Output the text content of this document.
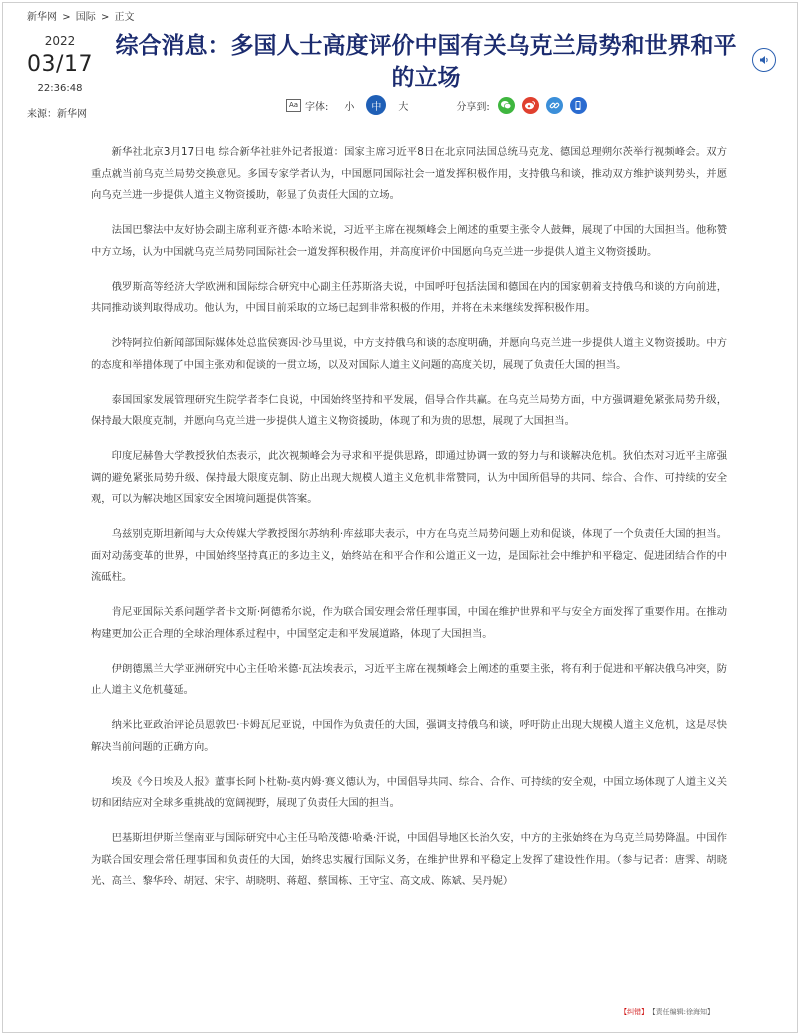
新华网 > 国际 > 正文
2022
03/17
22:36:48
来源：新华网
综合消息：多国人士高度评价中国有关乌克兰局势和世界和平的立场
Aa 字体: 小	中	大	分享到:

新华社北京3月17日电 综合新华社驻外记者报道：国家主席习近平8日在北京同法国总统马克龙、德国总理朔尔茨举行视频峰会。双方重点就当前乌克兰局势交换意见。多国专家学者认为，中国愿同国际社会一道发挥积极作用，支持俄乌和谈，推动双方维护谈判势头，并愿向乌克兰进一步提供人道主义物资援助，彰显了负责任大国的立场。

法国巴黎法中友好协会副主席利亚齐德·本哈米说，习近平主席在视频峰会上阐述的重要主张令人鼓舞，展现了中国的大国担当。他称赞中方立场，认为中国就乌克兰局势同国际社会一道发挥积极作用，并高度评价中国愿向乌克兰进一步提供人道主义物资援助。

俄罗斯高等经济大学欧洲和国际综合研究中心副主任苏斯洛夫说，中国呼吁包括法国和德国在内的国家朝着支持俄乌和谈的方向前进，共同推动谈判取得成功。他认为，中国目前采取的立场已起到非常积极的作用，并将在未来继续发挥积极作用。

沙特阿拉伯新闻部国际媒体处总监侯赛因·沙马里说，中方支持俄乌和谈的态度明确，并愿向乌克兰进一步提供人道主义物资援助。中方的态度和举措体现了中国主张劝和促谈的一贯立场，以及对国际人道主义问题的高度关切，展现了负责任大国的担当。

泰国国家发展管理研究生院学者李仁良说，中国始终坚持和平发展，倡导合作共赢。在乌克兰局势方面，中方强调避免紧张局势升级，保持最大限度克制，并愿向乌克兰进一步提供人道主义物资援助，体现了和为贵的思想，展现了大国担当。

印度尼赫鲁大学教授狄伯杰表示，此次视频峰会为寻求和平提供思路，即通过协调一致的努力与和谈解决危机。狄伯杰对习近平主席强调的避免紧张局势升级、保持最大限度克制、防止出现大规模人道主义危机非常赞同，认为中国所倡导的共同、综合、合作、可持续的安全观，可以为解决地区国家安全困境问题提供答案。

乌兹别克斯坦新闻与大众传媒大学教授图尔苏纳利·库兹耶夫表示，中方在乌克兰局势问题上劝和促谈，体现了一个负责任大国的担当。面对动荡变革的世界，中国始终坚持真正的多边主义，始终站在和平合作和公道正义一边，是国际社会中维护和平稳定、促进团结合作的中流砥柱。

肯尼亚国际关系问题学者卡文斯·阿德希尔说，作为联合国安理会常任理事国，中国在维护世界和平与安全方面发挥了重要作用。在推动构建更加公正合理的全球治理体系过程中，中国坚定走和平发展道路，体现了大国担当。

伊朗德黑兰大学亚洲研究中心主任哈米德·瓦法埃表示，习近平主席在视频峰会上阐述的重要主张，将有利于促进和平解决俄乌冲突，防止人道主义危机蔓延。

纳米比亚政治评论员恩敦巴·卡姆瓦尼亚说，中国作为负责任的大国，强调支持俄乌和谈，呼吁防止出现大规模人道主义危机，这是尽快解决当前问题的正确方向。

埃及《今日埃及人报》董事长阿卜杜勒-莫内姆·赛义德认为，中国倡导共同、综合、合作、可持续的安全观，中国立场体现了人道主义关切和团结应对全球多重挑战的宽阔视野，展现了负责任大国的担当。

巴基斯坦伊斯兰堡南亚与国际研究中心主任马哈茂德·哈桑·汗说，中国倡导地区长治久安，中方的主张始终在为乌克兰局势降温。中国作为联合国安理会常任理事国和负责任的大国，始终忠实履行国际义务，在维护世界和平稳定上发挥了建设性作用。（参与记者：唐霁、胡晓光、高兰、黎华玲、胡冠、宋宇、胡晓明、蒋超、蔡国栋、王守宝、高文成、陈斌、吴丹妮）

【纠错】 【责任编辑:徐海知】
